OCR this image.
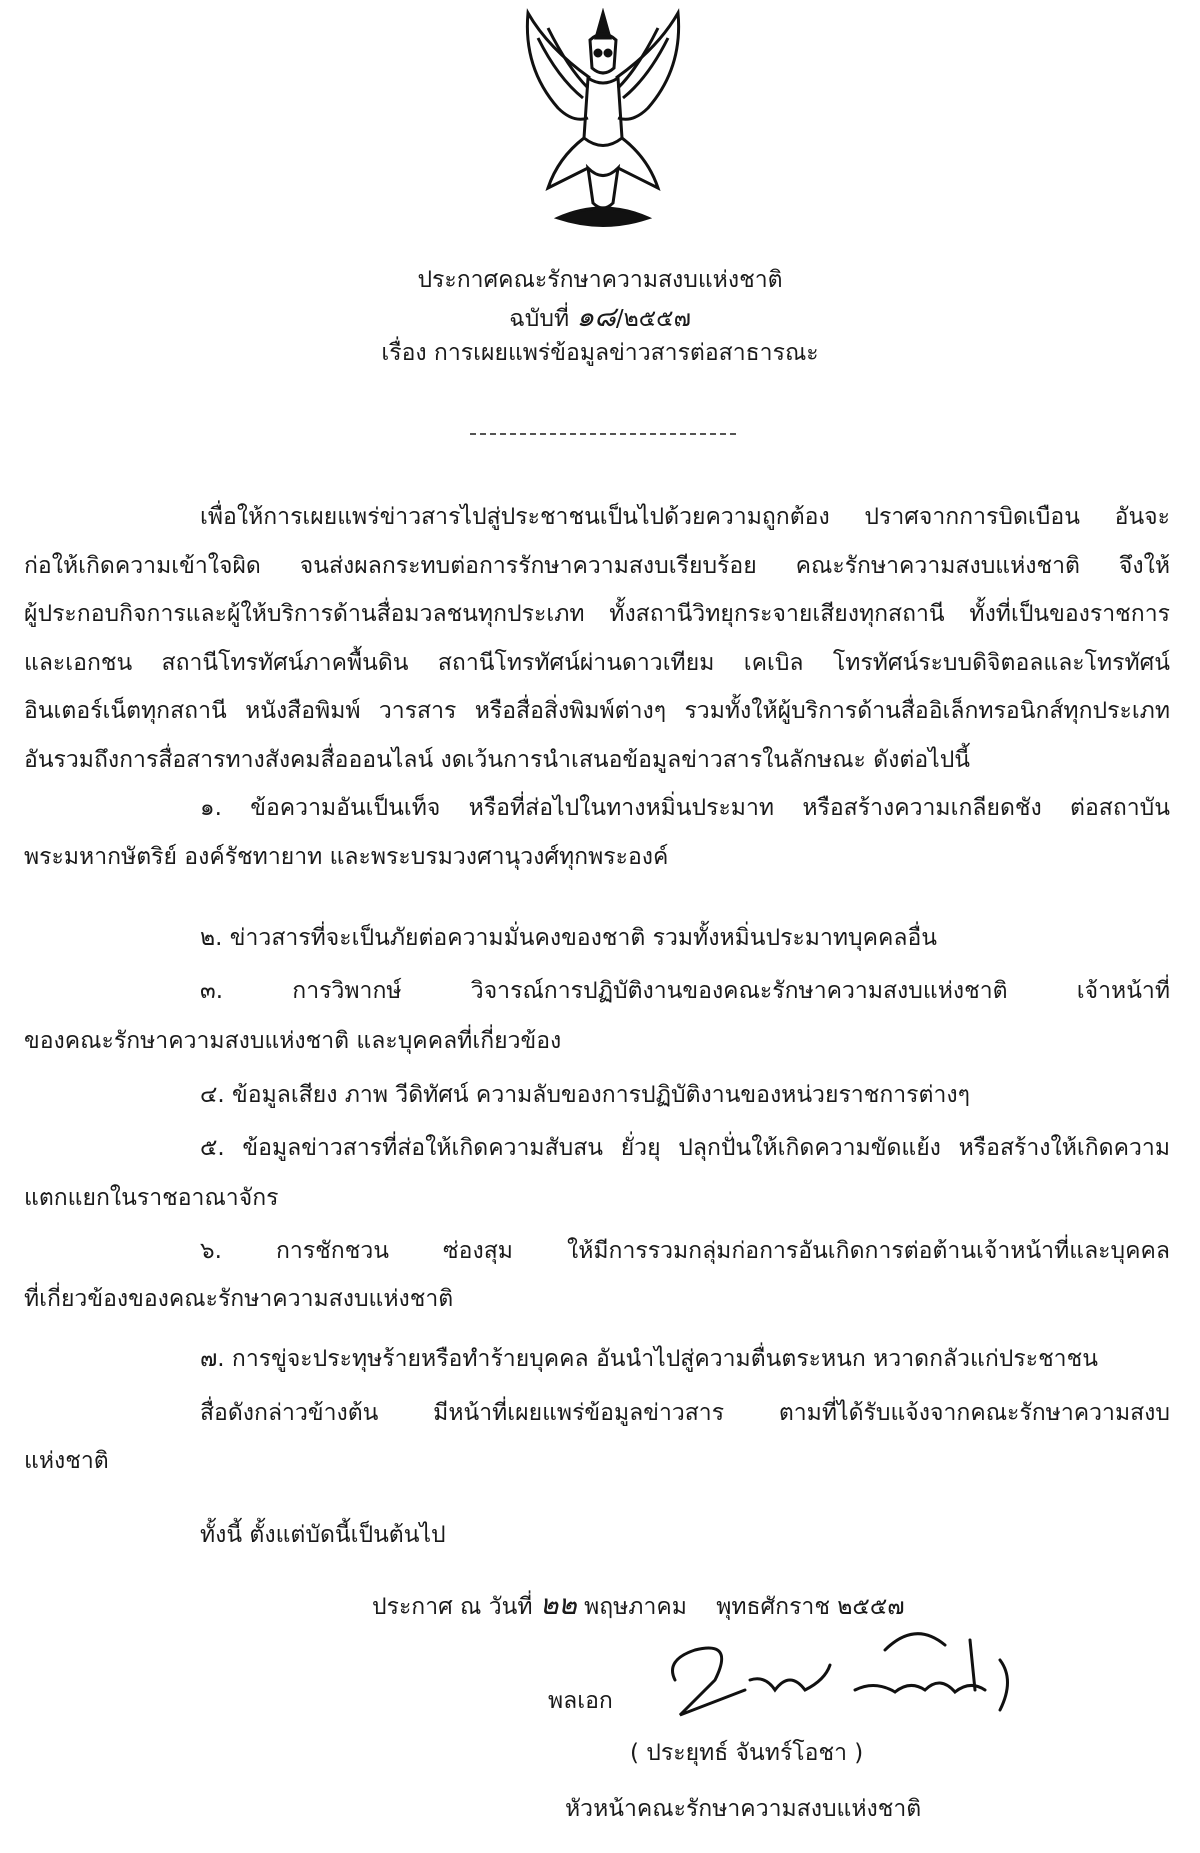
ประกาศคณะรักษาความสงบแห่งชาติ
ฉบับที่ ๑๘/๒๕๕๗
เรื่อง การเผยแพร่ข้อมูลข่าวสารต่อสาธารณะ
เพื่อให้การเผยแพร่ข่าวสารไปสู่ประชาชนเป็นไปด้วยความถูกต้อง ปราศจากการบิดเบือน อันจะ
ก่อให้เกิดความเข้าใจผิด จนส่งผลกระทบต่อการรักษาความสงบเรียบร้อย คณะรักษาความสงบแห่งชาติ จึงให้
ผู้ประกอบกิจการและผู้ให้บริการด้านสื่อมวลชนทุกประเภท ทั้งสถานีวิทยุกระจายเสียงทุกสถานี ทั้งที่เป็นของราชการ
และเอกชน สถานีโทรทัศน์ภาคพื้นดิน สถานีโทรทัศน์ผ่านดาวเทียม เคเบิล โทรทัศน์ระบบดิจิตอลและโทรทัศน์
อินเตอร์เน็ตทุกสถานี หนังสือพิมพ์ วารสาร หรือสื่อสิ่งพิมพ์ต่างๆ รวมทั้งให้ผู้บริการด้านสื่ออิเล็กทรอนิกส์ทุกประเภท
อันรวมถึงการสื่อสารทางสังคมสื่อออนไลน์ งดเว้นการนำเสนอข้อมูลข่าวสารในลักษณะ ดังต่อไปนี้
๑. ข้อความอันเป็นเท็จ หรือที่ส่อไปในทางหมิ่นประมาท หรือสร้างความเกลียดชัง ต่อสถาบัน
พระมหากษัตริย์ องค์รัชทายาท และพระบรมวงศานุวงศ์ทุกพระองค์
๒. ข่าวสารที่จะเป็นภัยต่อความมั่นคงของชาติ รวมทั้งหมิ่นประมาทบุคคลอื่น
๓. การวิพากษ์ วิจารณ์การปฏิบัติงานของคณะรักษาความสงบแห่งชาติ เจ้าหน้าที่
ของคณะรักษาความสงบแห่งชาติ และบุคคลที่เกี่ยวข้อง
๔. ข้อมูลเสียง ภาพ วีดิทัศน์ ความลับของการปฏิบัติงานของหน่วยราชการต่างๆ
๕. ข้อมูลข่าวสารที่ส่อให้เกิดความสับสน ยั่วยุ ปลุกปั่นให้เกิดความขัดแย้ง หรือสร้างให้เกิดความ
แตกแยกในราชอาณาจักร
๖. การชักชวน ซ่องสุม ให้มีการรวมกลุ่มก่อการอันเกิดการต่อต้านเจ้าหน้าที่และบุคคล
ที่เกี่ยวข้องของคณะรักษาความสงบแห่งชาติ
๗. การขู่จะประทุษร้ายหรือทำร้ายบุคคล อันนำไปสู่ความตื่นตระหนก หวาดกลัวแก่ประชาชน
สื่อดังกล่าวข้างต้น มีหน้าที่เผยแพร่ข้อมูลข่าวสาร ตามที่ได้รับแจ้งจากคณะรักษาความสงบ
แห่งชาติ
ทั้งนี้ ตั้งแต่บัดนี้เป็นต้นไป
ประกาศ ณ วันที่ ๒๒ พฤษภาคม พุทธศักราช ๒๕๕๗
พลเอก
( ประยุทธ์ จันทร์โอชา )
หัวหน้าคณะรักษาความสงบแห่งชาติ
